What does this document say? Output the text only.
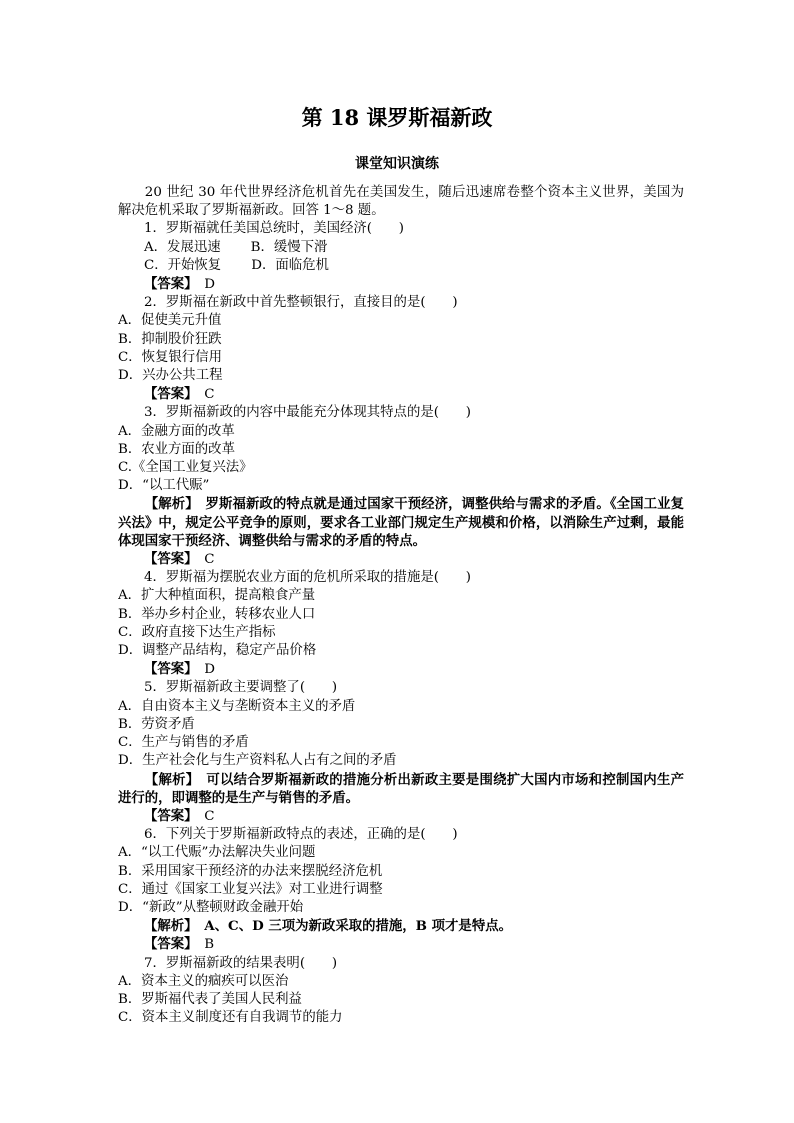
第 18 课罗斯福新政
课堂知识演练

20 世纪 30 年代世界经济危机首先在美国发生，随后迅速席卷整个资本主义世界，美国为解决危机采取了罗斯福新政。回答 1～8 题。

1．罗斯福就任美国总统时，美国经济(　　)

A．发展迅速 B．缓慢下滑

C．开始恢复 D．面临危机

【答案】　 D

2．罗斯福在新政中首先整顿银行，直接目的是(　　)

A．促使美元升值

B．抑制股价狂跌

C．恢复银行信用

D．兴办公共工程

【答案】　 C

3．罗斯福新政的内容中最能充分体现其特点的是(　　)

A．金融方面的改革

B．农业方面的改革

C.《全国工业复兴法》

D．“以工代赈”

【解析】　 罗斯福新政的特点就是通过国家干预经济，调整供给与需求的矛盾。《全国工业复兴法》中，规定公平竞争的原则，要求各工业部门规定生产规模和价格，以消除生产过剩，最能体现国家干预经济、调整供给与需求的矛盾的特点。

【答案】　 C

4．罗斯福为摆脱农业方面的危机所采取的措施是(　　)

A．扩大种植面积，提高粮食产量

B．举办乡村企业，转移农业人口

C．政府直接下达生产指标

D．调整产品结构，稳定产品价格

【答案】　 D

5．罗斯福新政主要调整了(　　)

A．自由资本主义与垄断资本主义的矛盾

B．劳资矛盾

C．生产与销售的矛盾

D．生产社会化与生产资料私人占有之间的矛盾

【解析】　 可以结合罗斯福新政的措施分析出新政主要是围绕扩大国内市场和控制国内生产进行的，即调整的是生产与销售的矛盾。

【答案】　 C

6．下列关于罗斯福新政特点的表述，正确的是(　　)

A．“以工代赈”办法解决失业问题

B．采用国家干预经济的办法来摆脱经济危机

C．通过《国家工业复兴法》对工业进行调整

D．“新政”从整顿财政金融开始

【解析】　 A、C、D 三项为新政采取的措施，B 项才是特点。

【答案】　 B

7．罗斯福新政的结果表明(　　)

A．资本主义的痼疾可以医治

B．罗斯福代表了美国人民利益

C．资本主义制度还有自我调节的能力
